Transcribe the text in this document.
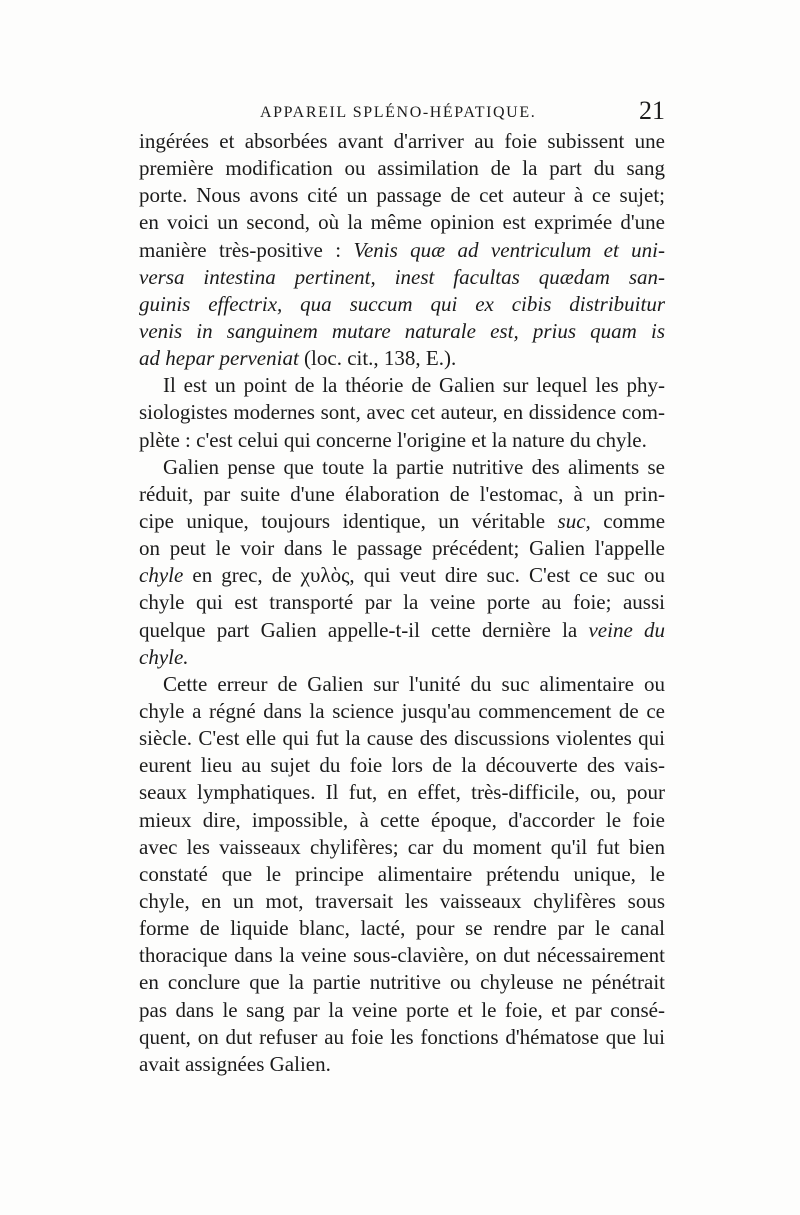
APPAREIL SPLÉNO-HÉPATIQUE.	21
ingérées et absorbées avant d'arriver au foie subissent une
première modification ou assimilation de la part du sang
porte. Nous avons cité un passage de cet auteur à ce sujet;
en voici un second, où la même opinion est exprimée d'une
manière très-positive : Venis quæ ad ventriculum et uni-
versa intestina pertinent, inest facultas quædam san-
guinis effectrix, qua succum qui ex cibis distribuitur
venis in sanguinem mutare naturale est, prius quam is
ad hepar perveniat (loc. cit., 138, E.).
Il est un point de la théorie de Galien sur lequel les phy-
siologistes modernes sont, avec cet auteur, en dissidence com-
plète : c'est celui qui concerne l'origine et la nature du chyle.
Galien pense que toute la partie nutritive des aliments se
réduit, par suite d'une élaboration de l'estomac, à un prin-
cipe unique, toujours identique, un véritable suc, comme
on peut le voir dans le passage précédent; Galien l'appelle
chyle en grec, de χυλὸς, qui veut dire suc. C'est ce suc ou
chyle qui est transporté par la veine porte au foie; aussi
quelque part Galien appelle-t-il cette dernière la veine du
chyle.
Cette erreur de Galien sur l'unité du suc alimentaire ou
chyle a régné dans la science jusqu'au commencement de ce
siècle. C'est elle qui fut la cause des discussions violentes qui
eurent lieu au sujet du foie lors de la découverte des vais-
seaux lymphatiques. Il fut, en effet, très-difficile, ou, pour
mieux dire, impossible, à cette époque, d'accorder le foie
avec les vaisseaux chylifères; car du moment qu'il fut bien
constaté que le principe alimentaire prétendu unique, le
chyle, en un mot, traversait les vaisseaux chylifères sous
forme de liquide blanc, lacté, pour se rendre par le canal
thoracique dans la veine sous-clavière, on dut nécessairement
en conclure que la partie nutritive ou chyleuse ne pénétrait
pas dans le sang par la veine porte et le foie, et par consé-
quent, on dut refuser au foie les fonctions d'hématose que lui
avait assignées Galien.
